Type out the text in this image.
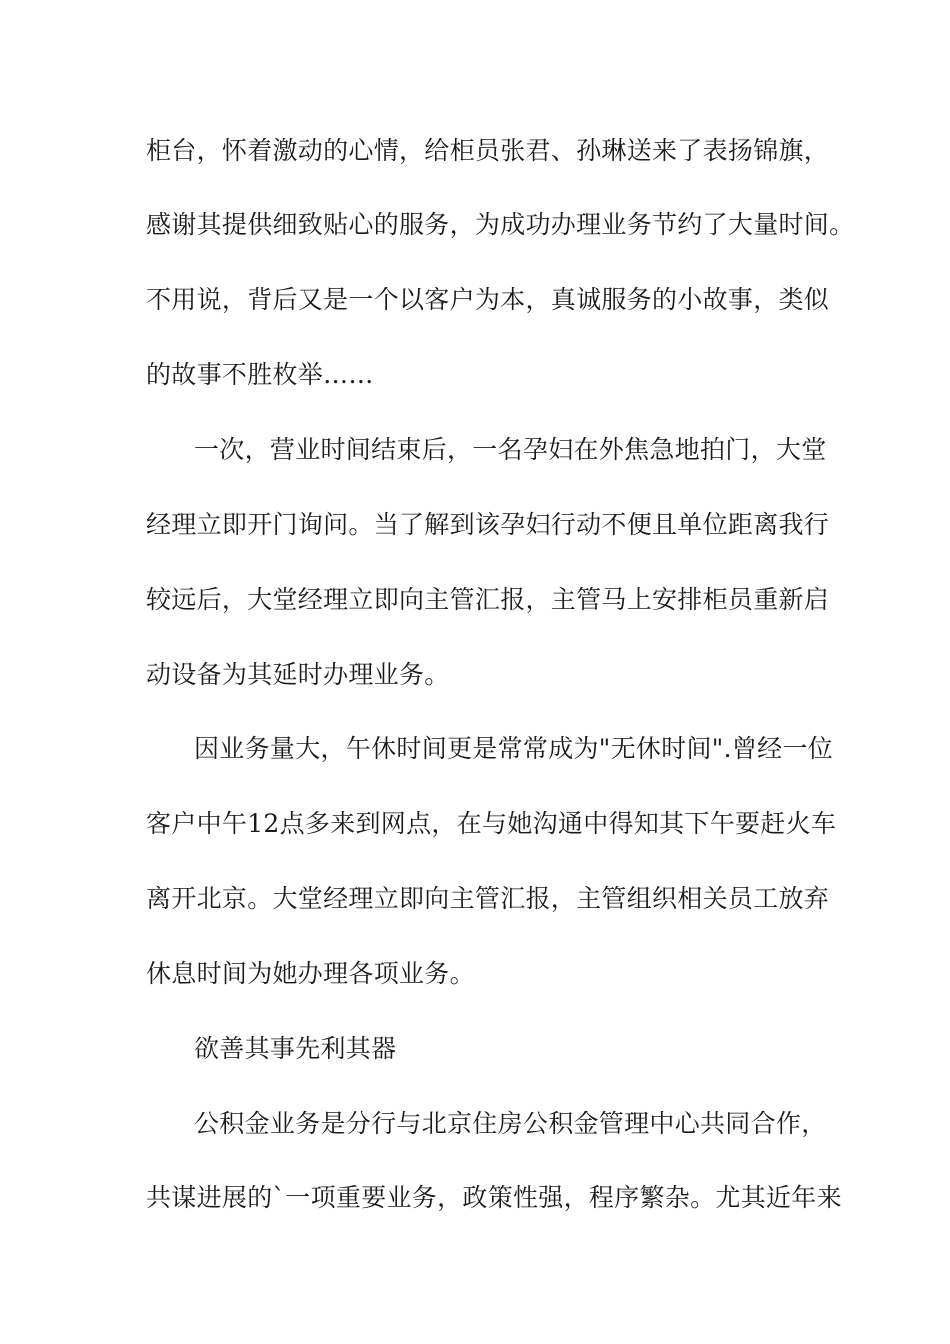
柜台，怀着激动的心情，给柜员张君、孙琳送来了表扬锦旗，

感谢其提供细致贴心的服务，为成功办理业务节约了大量时间。

不用说，背后又是一个以客户为本，真诚服务的小故事，类似

的故事不胜枚举……

一次，营业时间结束后，一名孕妇在外焦急地拍门，大堂

经理立即开门询问。当了解到该孕妇行动不便且单位距离我行

较远后，大堂经理立即向主管汇报，主管马上安排柜员重新启

动设备为其延时办理业务。

因业务量大，午休时间更是常常成为"无休时间".曾经一位

客户中午12点多来到网点，在与她沟通中得知其下午要赶火车

离开北京。大堂经理立即向主管汇报，主管组织相关员工放弃

休息时间为她办理各项业务。

欲善其事先利其器

公积金业务是分行与北京住房公积金管理中心共同合作，

共谋进展的`一项重要业务，政策性强，程序繁杂。尤其近年来
